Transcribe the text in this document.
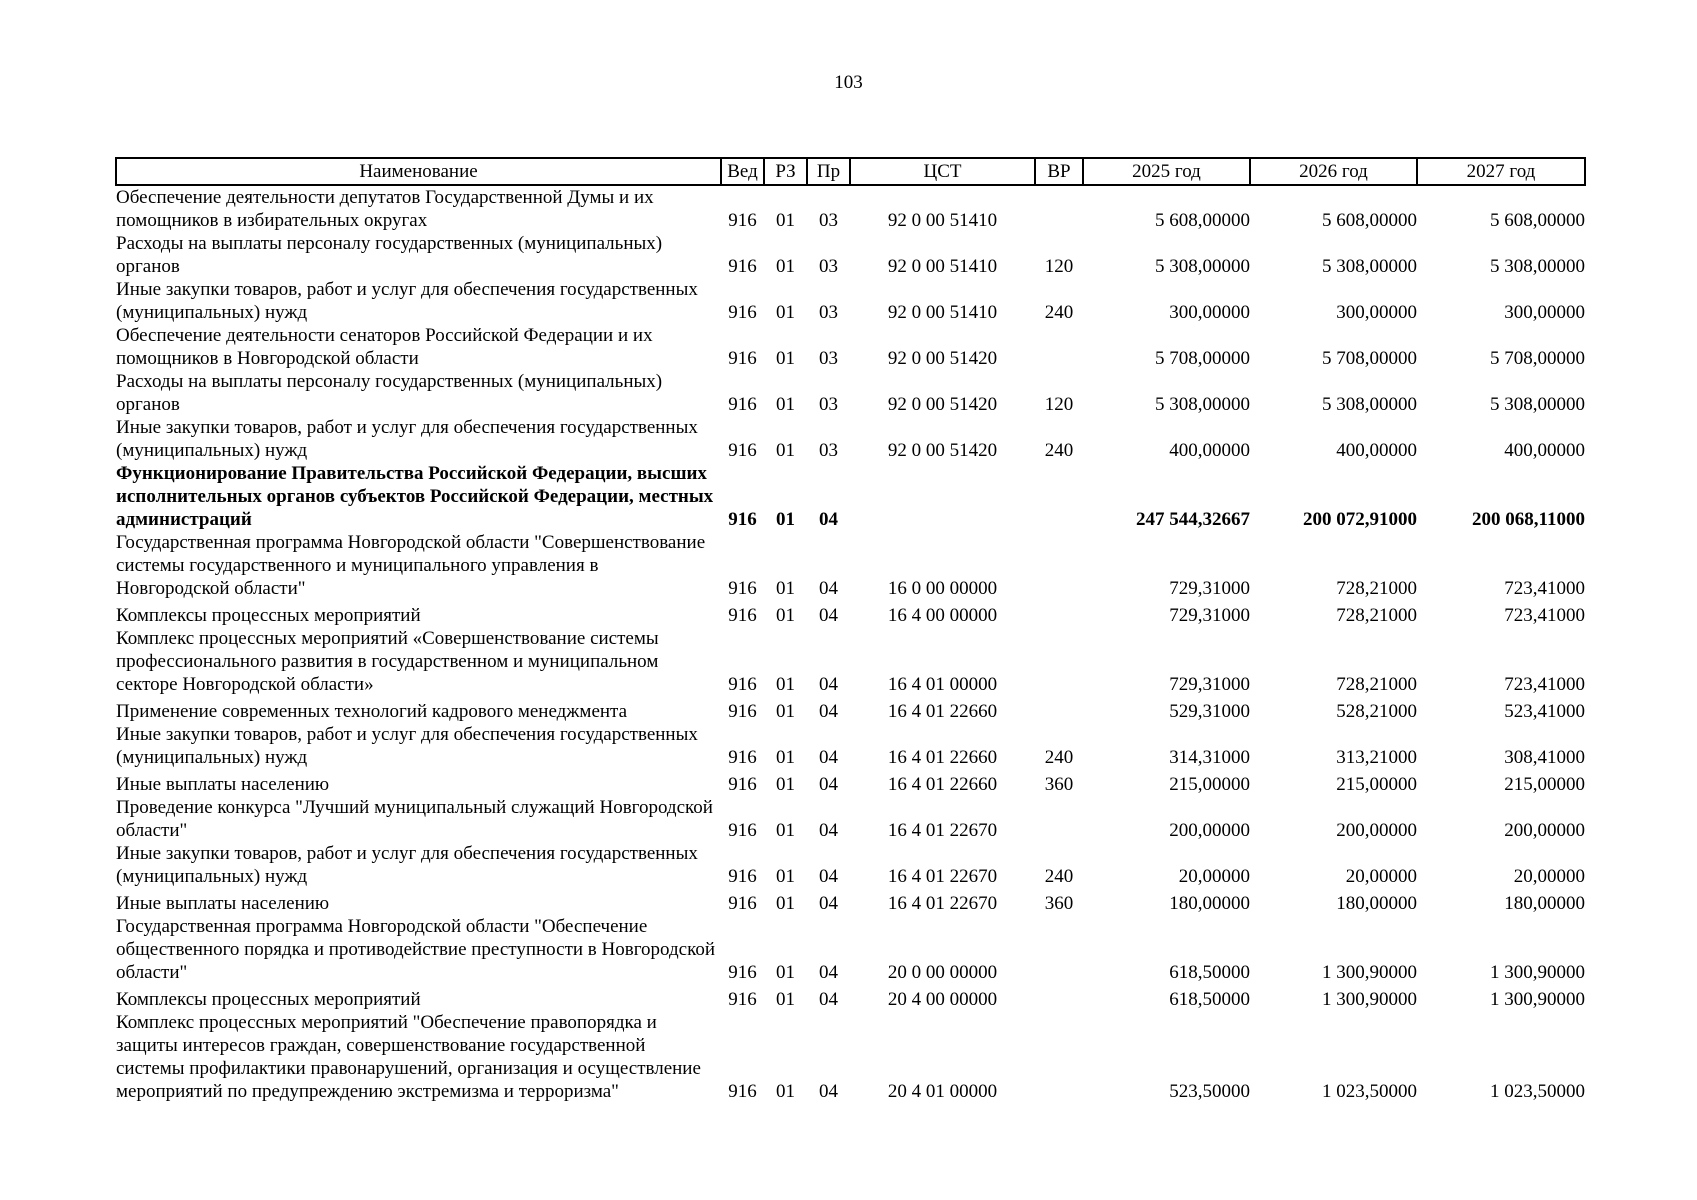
103
Наименование	Вед	РЗ	Пр	ЦСТ	ВР	2025 год	2026 год	2027 год
Обеспечение деятельности депутатов Государственной Думы и их помощников в избирательных округах	916	01	03	92 0 00 51410		5 608,00000	5 608,00000	5 608,00000
Расходы на выплаты персоналу государственных (муниципальных) органов	916	01	03	92 0 00 51410	120	5 308,00000	5 308,00000	5 308,00000
Иные закупки товаров, работ и услуг для обеспечения государственных (муниципальных) нужд	916	01	03	92 0 00 51410	240	300,00000	300,00000	300,00000
Обеспечение деятельности сенаторов Российской Федерации и их помощников в Новгородской области	916	01	03	92 0 00 51420		5 708,00000	5 708,00000	5 708,00000
Расходы на выплаты персоналу государственных (муниципальных) органов	916	01	03	92 0 00 51420	120	5 308,00000	5 308,00000	5 308,00000
Иные закупки товаров, работ и услуг для обеспечения государственных (муниципальных) нужд	916	01	03	92 0 00 51420	240	400,00000	400,00000	400,00000
Функционирование Правительства Российской Федерации, высших исполнительных органов субъектов Российской Федерации, местных администраций	916	01	04			247 544,32667	200 072,91000	200 068,11000
Государственная программа Новгородской области "Совершенствование системы государственного и муниципального управления в Новгородской области"	916	01	04	16 0 00 00000		729,31000	728,21000	723,41000
Комплексы процессных мероприятий	916	01	04	16 4 00 00000		729,31000	728,21000	723,41000
Комплекс процессных мероприятий «Совершенствование системы профессионального развития в государственном и муниципальном секторе Новгородской области»	916	01	04	16 4 01 00000		729,31000	728,21000	723,41000
Применение современных технологий кадрового менеджмента	916	01	04	16 4 01 22660		529,31000	528,21000	523,41000
Иные закупки товаров, работ и услуг для обеспечения государственных (муниципальных) нужд	916	01	04	16 4 01 22660	240	314,31000	313,21000	308,41000
Иные выплаты населению	916	01	04	16 4 01 22660	360	215,00000	215,00000	215,00000
Проведение конкурса "Лучший муниципальный служащий Новгородской области"	916	01	04	16 4 01 22670		200,00000	200,00000	200,00000
Иные закупки товаров, работ и услуг для обеспечения государственных (муниципальных) нужд	916	01	04	16 4 01 22670	240	20,00000	20,00000	20,00000
Иные выплаты населению	916	01	04	16 4 01 22670	360	180,00000	180,00000	180,00000
Государственная программа Новгородской области "Обеспечение общественного порядка и противодействие преступности в Новгородской области"	916	01	04	20 0 00 00000		618,50000	1 300,90000	1 300,90000
Комплексы процессных мероприятий	916	01	04	20 4 00 00000		618,50000	1 300,90000	1 300,90000
Комплекс процессных мероприятий "Обеспечение правопорядка и защиты интересов граждан, совершенствование государственной системы профилактики правонарушений, организация и осуществление мероприятий по предупреждению экстремизма и терроризма"	916	01	04	20 4 01 00000		523,50000	1 023,50000	1 023,50000
